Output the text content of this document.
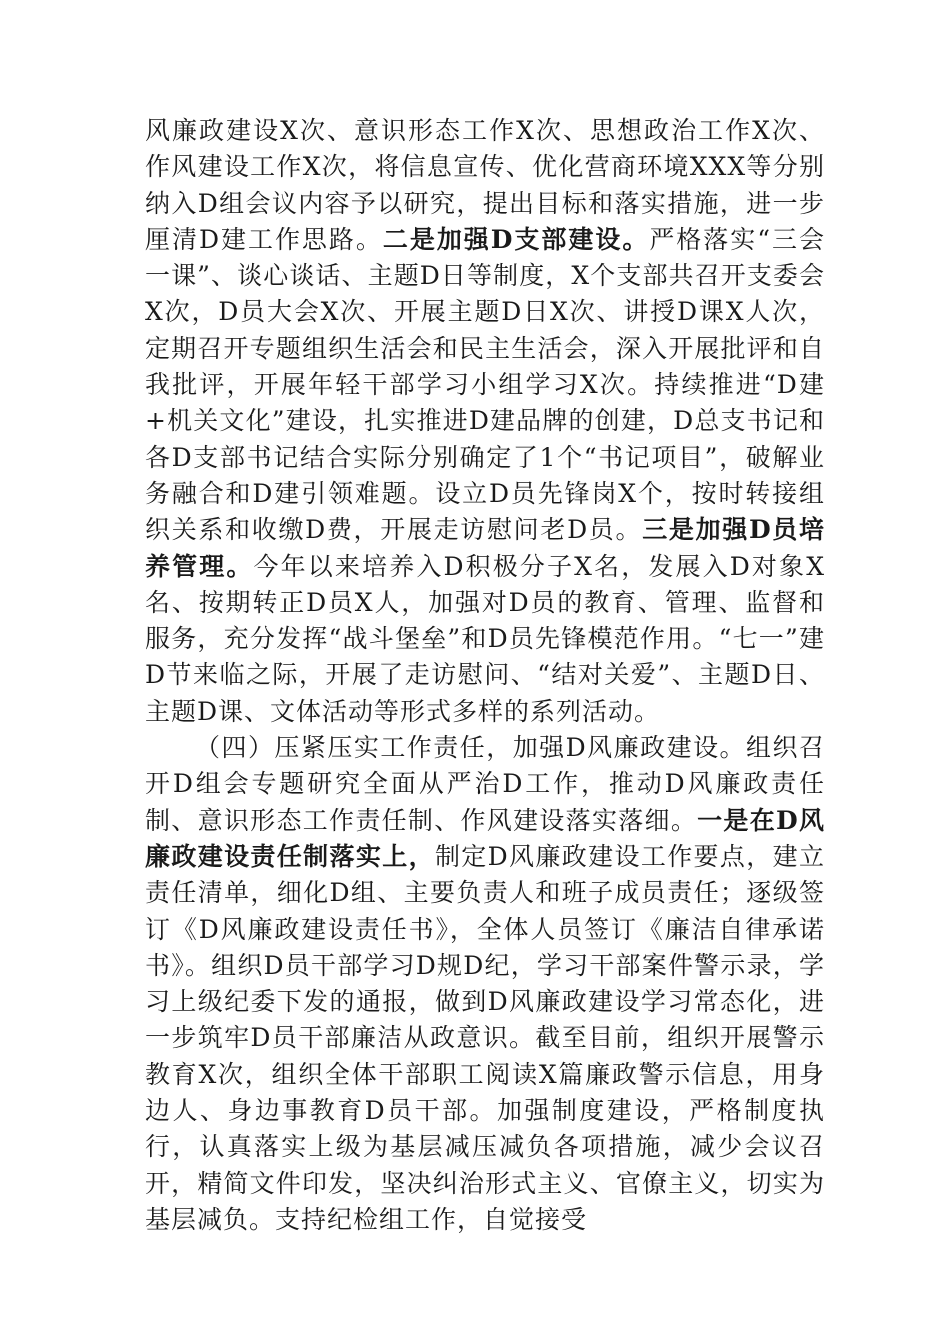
风廉政建设X次、意识形态工作X次、思想政治工作X次、作风建设工作X次，将信息宣传、优化营商环境XXX等分别纳入D组会议内容予以研究，提出目标和落实措施，进一步厘清D建工作思路。二是加强D支部建设。严格落实“三会一课”、谈心谈话、主题D日等制度，X个支部共召开支委会X次，D员大会X次、开展主题D日X次、讲授D课X人次，定期召开专题组织生活会和民主生活会，深入开展批评和自我批评，开展年轻干部学习小组学习X次。持续推进“D建+机关文化”建设，扎实推进D建品牌的创建，D总支书记和各D支部书记结合实际分别确定了1个“书记项目”，破解业务融合和D建引领难题。设立D员先锋岗X个，按时转接组织关系和收缴D费，开展走访慰问老D员。三是加强D员培养管理。今年以来培养入D积极分子X名，发展入D对象X名、按期转正D员X人，加强对D员的教育、管理、监督和服务，充分发挥“战斗堡垒”和D员先锋模范作用。“七一”建D节来临之际，开展了走访慰问、“结对关爱”、主题D日、主题D课、文体活动等形式多样的系列活动。

（四）压紧压实工作责任，加强D风廉政建设。组织召开D组会专题研究全面从严治D工作，推动D风廉政责任制、意识形态工作责任制、作风建设落实落细。一是在D风廉政建设责任制落实上，制定D风廉政建设工作要点，建立责任清单，细化D组、主要负责人和班子成员责任；逐级签订《D风廉政建设责任书》，全体人员签订《廉洁自律承诺书》。组织D员干部学习D规D纪，学习干部案件警示录，学习上级纪委下发的通报，做到D风廉政建设学习常态化，进一步筑牢D员干部廉洁从政意识。截至目前，组织开展警示教育X次，组织全体干部职工阅读X篇廉政警示信息，用身边人、身边事教育D员干部。加强制度建设，严格制度执行，认真落实上级为基层减压减负各项措施，减少会议召开，精简文件印发，坚决纠治形式主义、官僚主义，切实为基层减负。支持纪检组工作，自觉接受
